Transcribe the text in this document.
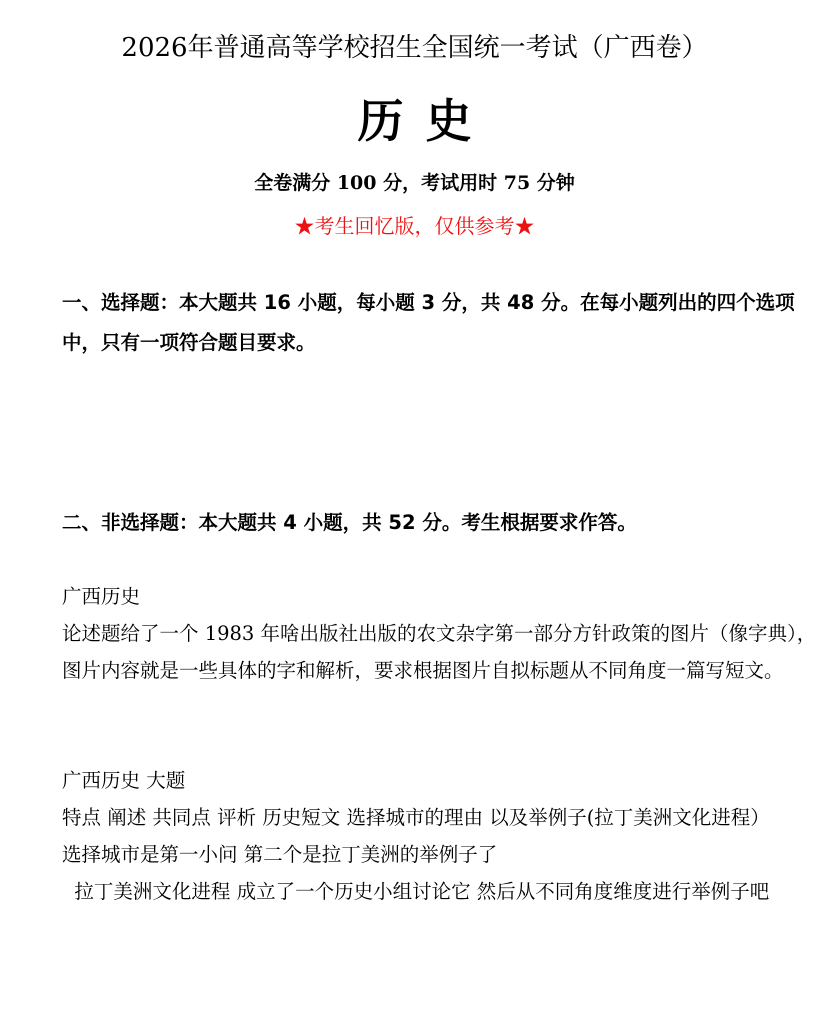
2026年普通高等学校招生全国统一考试（广西卷）
历史
全卷满分 100 分，考试用时 75 分钟
★考生回忆版，仅供参考★

一、选择题：本大题共 16 小题，每小题 3 分，共 48 分。在每小题列出的四个选项中，只有一项符合题目要求。

二、非选择题：本大题共 4 小题，共 52 分。考生根据要求作答。

广西历史

论述题给了一个 1983 年啥出版社出版的农文杂字第一部分方针政策的图片（像字典），图片内容就是一些具体的字和解析，要求根据图片自拟标题从不同角度一篇写短文。

广西历史 大题

特点 阐述 共同点 评析 历史短文 选择城市的理由 以及举例子(拉丁美洲文化进程）

选择城市是第一小问 第二个是拉丁美洲的举例子了

拉丁美洲文化进程 成立了一个历史小组讨论它 然后从不同角度维度进行举例子吧
